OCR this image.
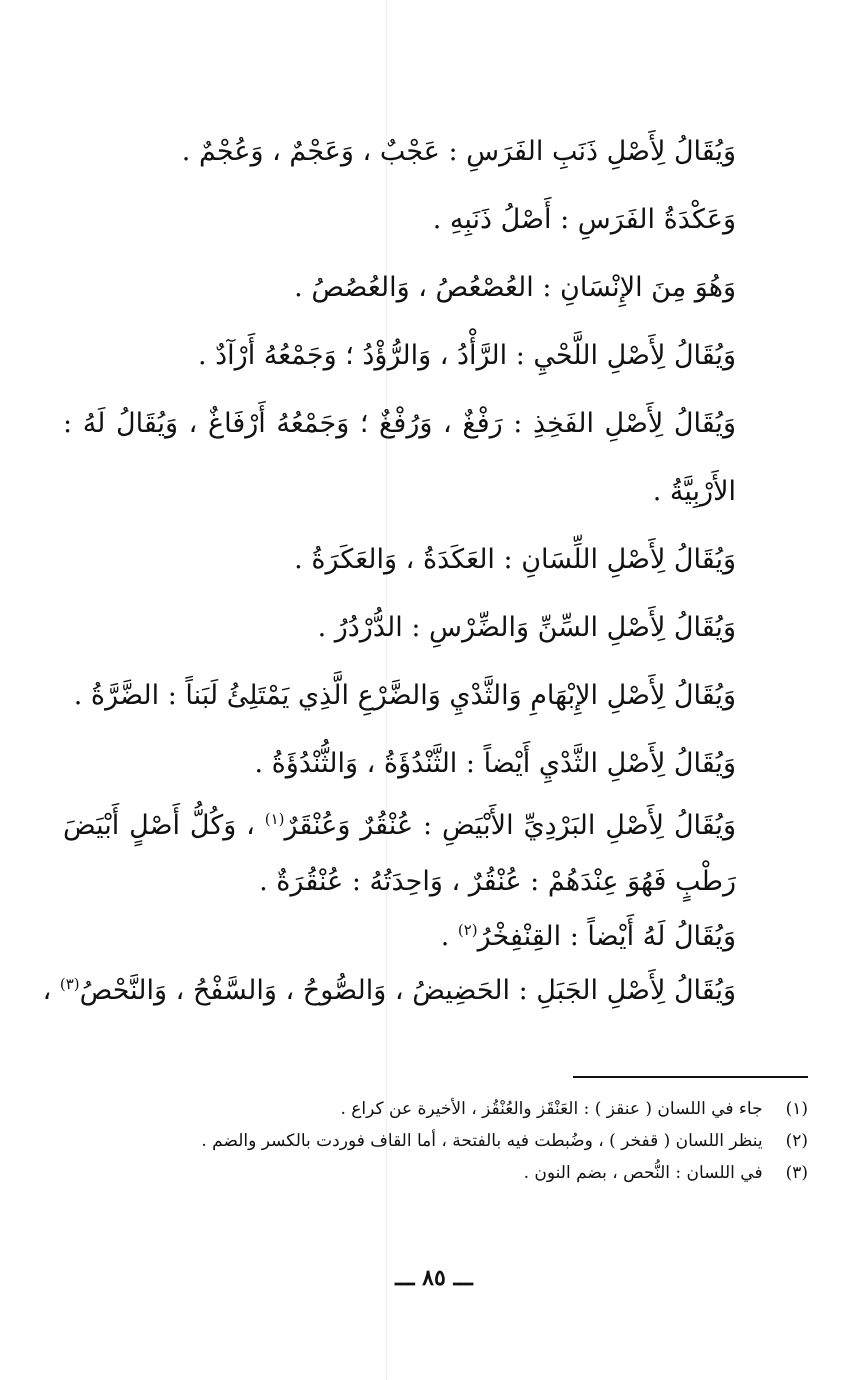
وَيُقَالُ لِأَصْلِ ذَنَبِ الفَرَسِ : عَجْبٌ ، وَعَجْمٌ ، وَعُجْمٌ .

وَعَكْدَةُ الفَرَسِ : أَصْلُ ذَنَبِهِ .

وَهُوَ مِنَ الإِنْسَانِ : العُصْعُصُ ، وَالعُصُصُ .

وَيُقَالُ لِأَصْلِ اللَّحْيِ : الرَّأْدُ ، وَالرُّؤْدُ ؛ وَجَمْعُهُ أَرْآدٌ .

وَيُقَالُ لِأَصْلِ الفَخِذِ : رَفْغٌ ، وَرُفْغٌ ؛ وَجَمْعُهُ أَرْفَاغٌ ، وَيُقَالُ لَهُ : الأَرْبِيَّةُ .

وَيُقَالُ لِأَصْلِ اللِّسَانِ : العَكَدَةُ ، وَالعَكَرَةُ .

وَيُقَالُ لِأَصْلِ السِّنِّ وَالضِّرْسِ : الدُّرْدُرُ .

وَيُقَالُ لِأَصْلِ الإِبْهَامِ وَالثَّدْيِ وَالضَّرْعِ الَّذِي يَمْتَلِئُ لَبَناً : الضَّرَّةُ .

وَيُقَالُ لِأَصْلِ الثَّدْيِ أَيْضاً : الثَّنْدُؤَةُ ، وَالثُّنْدُؤَةُ .

وَيُقَالُ لِأَصْلِ البَرْدِيِّ الأَبْيَضِ : عُنْقُرٌ وَعُنْقَرٌ$^{(١)}$ ، وَكُلُّ أَصْلٍ أَبْيَضَ رَطْبٍ فَهُوَ عِنْدَهُمْ : عُنْقُرٌ ، وَاحِدَتُهُ : عُنْقُرَةٌ .

وَيُقَالُ لَهُ أَيْضاً : القِنْفِخْرُ$^{(٢)}$ .

وَيُقَالُ لِأَصْلِ الجَبَلِ : الحَضِيضُ ، وَالصُّوحُ ، وَالسَّفْحُ ، وَالنَّحْصُ$^{(٣)}$ ،

(١) جاء في اللسان ( عنقز ) : العَنْقَز والعُنْقُز ، الأخيرة عن كراع .

(٢) ينظر اللسان ( قفخر ) ، وضُبطت فيه بالفتحة ، أما القاف فوردت بالكسر والضم .

(٣) في اللسان : النُّحص ، بضم النون .

ـــ ٨٥ ـــ
